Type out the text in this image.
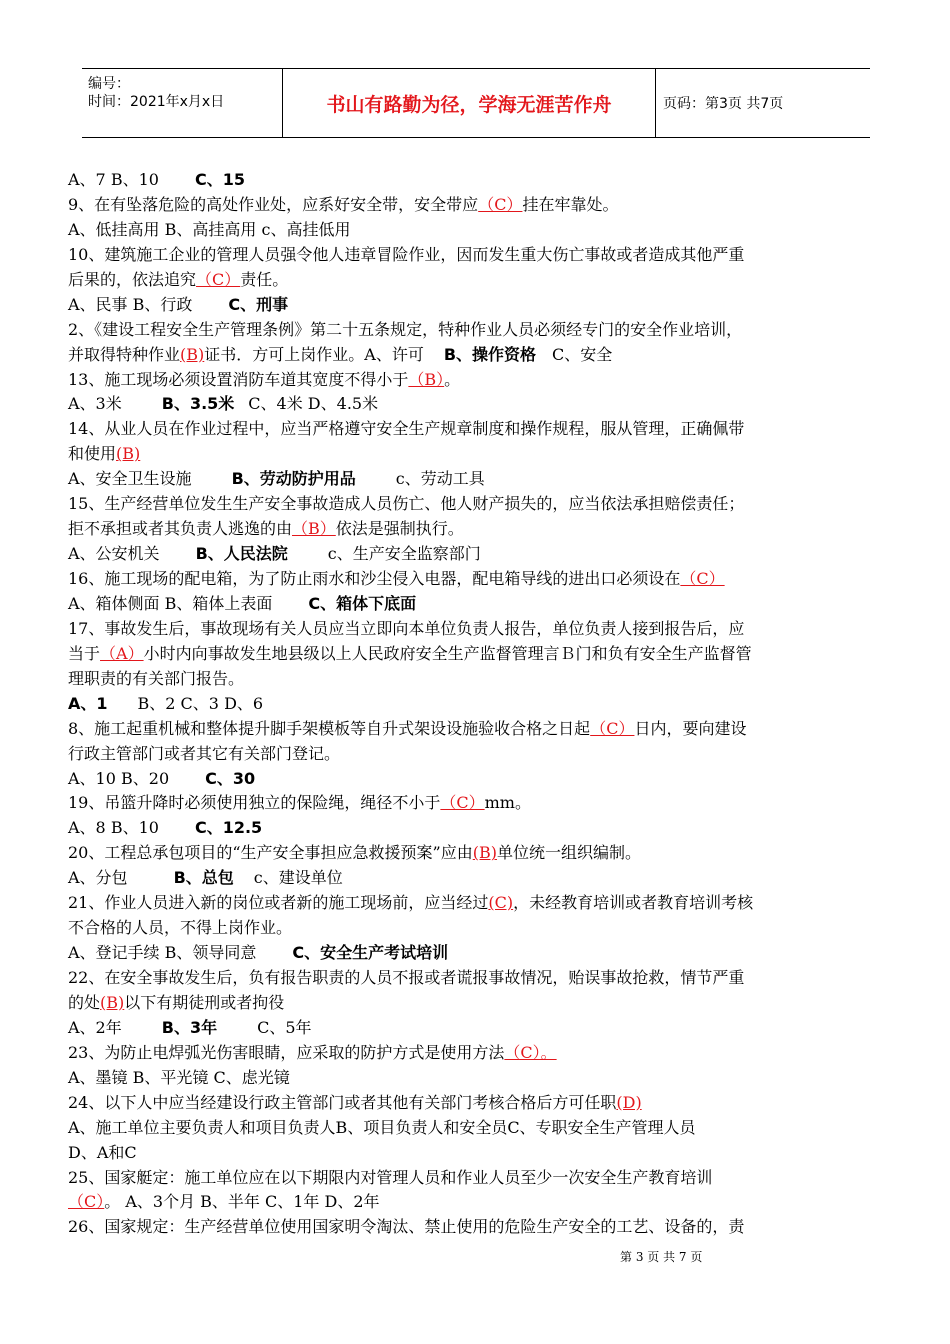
编号：
时间：2021年x月x日	书山有路勤为径，学海无涯苦作舟	页码：第3页 共7页
A、7 B、10 C、15
9、在有坠落危险的高处作业处，应系好安全带，安全带应（C）挂在牢靠处。
A、低挂高用 B、高挂高用 c、高挂低用
10、建筑施工企业的管理人员强令他人违章冒险作业，因而发生重大伤亡事故或者造成其他严重
后果的，依法追究（C）责任。
A、民事 B、行政 C、刑事
2、《建设工程安全生产管理条例》第二十五条规定，特种作业人员必须经专门的安全作业培训，
并取得特种作业(B)证书．方可上岗作业。A、许可 B、操作资格 C、安全
13、施工现场必须设置消防车道其宽度不得小于（B）。
A、3米	B、3.5米 C、4米 D、4.5米
14、从业人员在作业过程中，应当严格遵守安全生产规章制度和操作规程，服从管理，正确佩带
和使用(B)
A、安全卫生设施	B、劳动防护用品	c、劳动工具
15、生产经营单位发生生产安全事故造成人员伤亡、他人财产损失的，应当依法承担赔偿责任；
拒不承担或者其负责人逃逸的由（B）依法是强制执行。
A、公安机关 B、人民法院	c、生产安全监察部门
16、施工现场的配电箱，为了防止雨水和沙尘侵入电器，配电箱导线的进出口必须设在（C）
A、箱体侧面 B、箱体上表面 C、箱体下底面
17、事故发生后，事故现场有关人员应当立即向本单位负责人报告，单位负责人接到报告后，应
当于（A）小时内向事故发生地县级以上人民政府安全生产监督管理言Ｂ门和负有安全生产监督管
理职责的有关部门报告。
A、1 B、2 C、3 D、6
8、施工起重机械和整体提升脚手架模板等自升式架设设施验收合格之日起（C）日内，要向建设
行政主管部门或者其它有关部门登记。
A、10 B、20 C、30
19、吊篮升降时必须使用独立的保险绳，绳径不小于（C）mm。
A、8 B、10 C、12.5
20、工程总承包项目的“生产安全事担应急救援预案”应由(B)单位统一组织编制。
A、分包	B、总包 c、建设单位
21、作业人员进入新的岗位或者新的施工现场前，应当经过(C)，未经教育培训或者教育培训考核
不合格的人员，不得上岗作业。
A、登记手续 B、领导同意 C、安全生产考试培训
22、在安全事故发生后，负有报告职责的人员不报或者谎报事故情况，贻误事故抢救，情节严重
的处(B)以下有期徒刑或者拘役
A、2年	B、3年	C、5年
23、为防止电焊弧光伤害眼睛，应采取的防护方式是使用方法（C）。
A、墨镜 B、平光镜 C、虑光镜
24、以下人中应当经建设行政主管部门或者其他有关部门考核合格后方可任职(D)
A、施工单位主要负责人和项目负责人B、项目负责人和安全员C、专职安全生产管理人员
D、A和C
25、国家艇定：施工单位应在以下期限内对管理人员和作业人员至少一次安全生产教育培训
（C）。 A、3个月 B、半年 C、1年 D、2年
26、国家规定：生产经营单位使用国家明令淘汰、禁止使用的危险生产安全的工艺、设备的，责
第 3 页 共 7 页
